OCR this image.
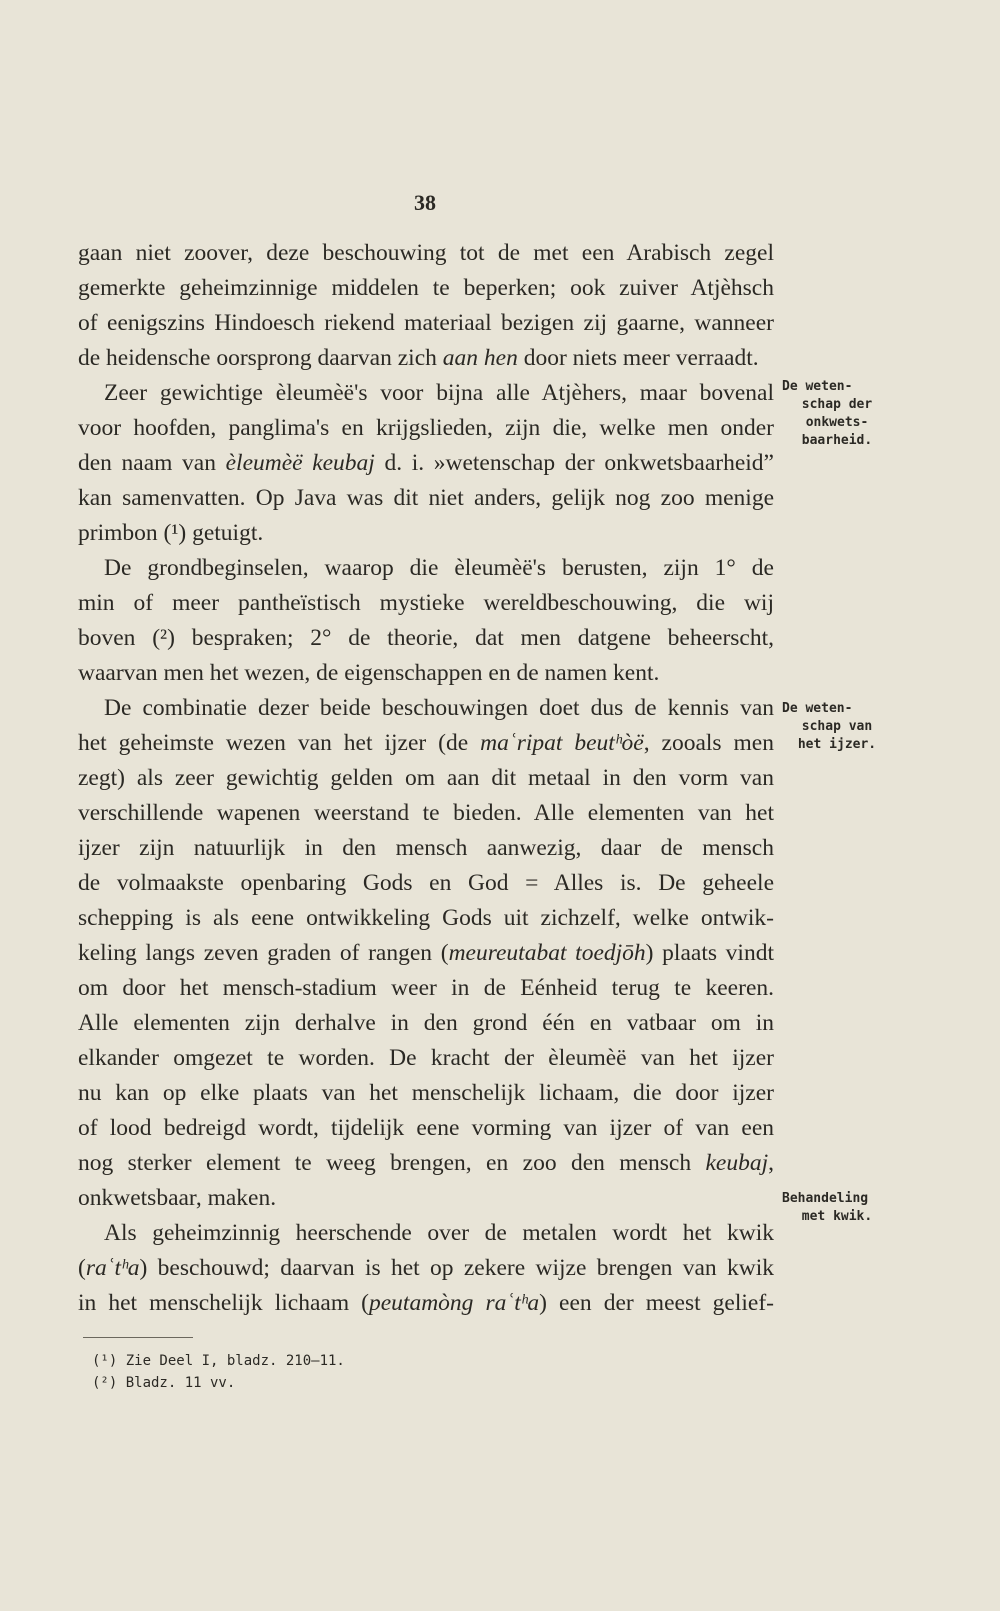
38
gaan niet zoover, deze beschouwing tot de met een Arabisch zegel
gemerkte geheimzinnige middelen te beperken; ook zuiver Atjèhsch
of eenigszins Hindoesch riekend materiaal bezigen zij gaarne, wanneer
de heidensche oorsprong daarvan zich aan hen door niets meer verraadt.
Zeer gewichtige èleumèë's voor bijna alle Atjèhers, maar bovenal
voor hoofden, panglima's en krijgslieden, zijn die, welke men onder
den naam van èleumèë keubaj d. i. »wetenschap der onkwetsbaarheid”
kan samenvatten. Op Java was dit niet anders, gelijk nog zoo menige
primbon (¹) getuigt.
De grondbeginselen, waarop die èleumèë's berusten, zijn 1° de
min of meer pantheïstisch mystieke wereldbeschouwing, die wij
boven (²) bespraken; 2° de theorie, dat men datgene beheerscht,
waarvan men het wezen, de eigenschappen en de namen kent.
De combinatie dezer beide beschouwingen doet dus de kennis van
het geheimste wezen van het ijzer (de maʿripat beutʰòë, zooals men
zegt) als zeer gewichtig gelden om aan dit metaal in den vorm van
verschillende wapenen weerstand te bieden. Alle elementen van het
ijzer zijn natuurlijk in den mensch aanwezig, daar de mensch
de volmaakste openbaring Gods en God = Alles is. De geheele
schepping is als eene ontwikkeling Gods uit zichzelf, welke ontwik-
keling langs zeven graden of rangen (meureutabat toedjōh) plaats vindt
om door het mensch-stadium weer in de Eénheid terug te keeren.
Alle elementen zijn derhalve in den grond één en vatbaar om in
elkander omgezet te worden. De kracht der èleumèë van het ijzer
nu kan op elke plaats van het menschelijk lichaam, die door ijzer
of lood bedreigd wordt, tijdelijk eene vorming van ijzer of van een
nog sterker element te weeg brengen, en zoo den mensch keubaj,
onkwetsbaar, maken.
Als geheimzinnig heerschende over de metalen wordt het kwik
(raʿtʰa) beschouwd; daarvan is het op zekere wijze brengen van kwik
in het menschelijk lichaam (peutamòng raʿtʰa) een der meest gelief-
De weten-
schap der
onkwets-
baarheid.
De weten-
schap van
het ijzer.
Behandeling
met kwik.
(¹) Zie Deel I, bladz. 210—11.
(²) Bladz. 11 vv.
